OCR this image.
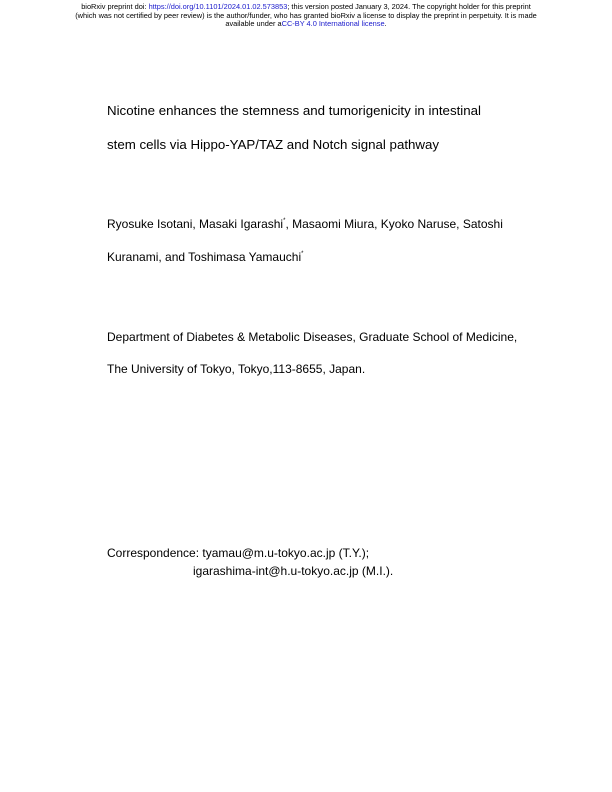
bioRxiv preprint doi: https://doi.org/10.1101/2024.01.02.573853; this version posted January 3, 2024. The copyright holder for this preprint
(which was not certified by peer review) is the author/funder, who has granted bioRxiv a license to display the preprint in perpetuity. It is made
available under aCC-BY 4.0 International license.
Nicotine enhances the stemness and tumorigenicity in intestinal
stem cells via Hippo-YAP/TAZ and Notch signal pathway
Ryosuke Isotani, Masaki Igarashi*, Masaomi Miura, Kyoko Naruse, Satoshi
Kuranami, and Toshimasa Yamauchi*
Department of Diabetes & Metabolic Diseases, Graduate School of Medicine,
The University of Tokyo, Tokyo,113-8655, Japan.
Correspondence: tyamau@m.u-tokyo.ac.jp (T.Y.);
igarashima-int@h.u-tokyo.ac.jp (M.I.).
